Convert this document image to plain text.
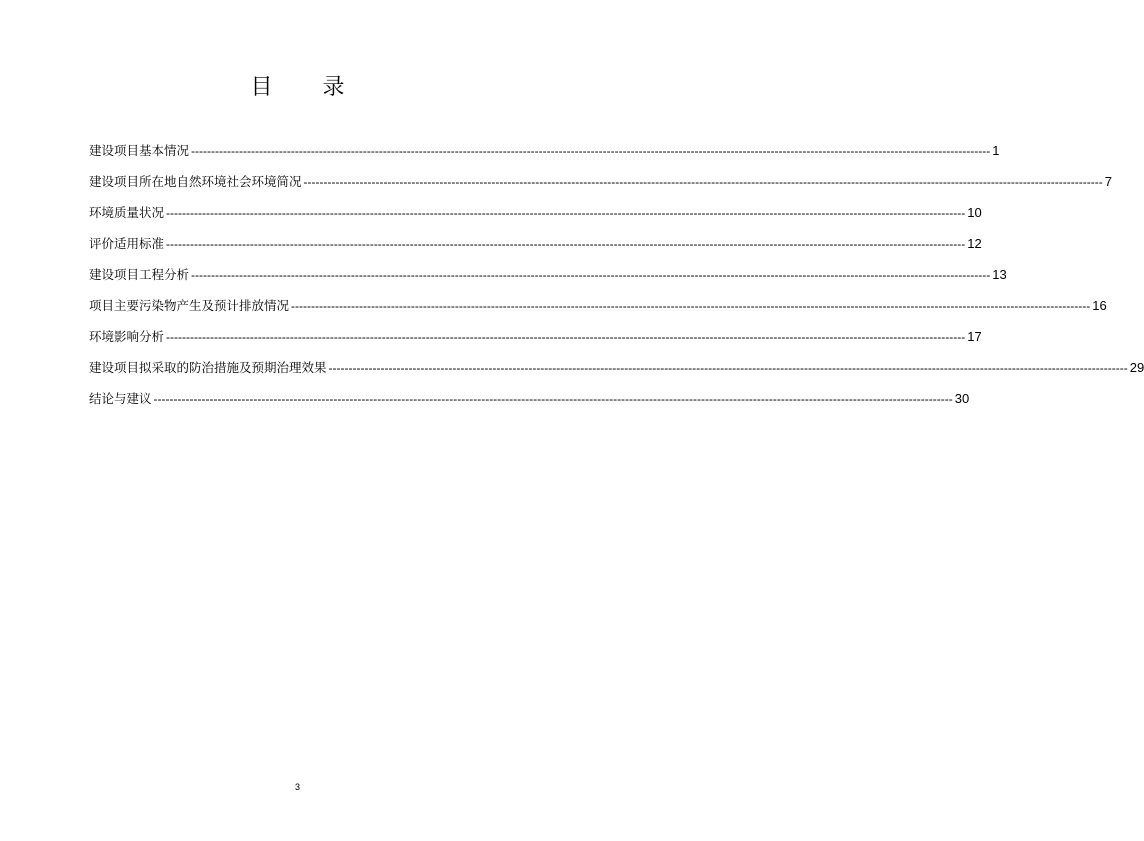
目　录
建设项目基本情况 -------------------------------------------------------------------------------------------------------------------------------------------------------------------------------------------------------- 1
建设项目所在地自然环境社会环境简况 -------------------------------------------------------------------------------------------------------------------------------------------------------------------------------------------------------- 7
环境质量状况 -------------------------------------------------------------------------------------------------------------------------------------------------------------------------------------------------------- 10
评价适用标准 -------------------------------------------------------------------------------------------------------------------------------------------------------------------------------------------------------- 12
建设项目工程分析 -------------------------------------------------------------------------------------------------------------------------------------------------------------------------------------------------------- 13
项目主要污染物产生及预计排放情况 -------------------------------------------------------------------------------------------------------------------------------------------------------------------------------------------------------- 16
环境影响分析 -------------------------------------------------------------------------------------------------------------------------------------------------------------------------------------------------------- 17
建设项目拟采取的防治措施及预期治理效果 -------------------------------------------------------------------------------------------------------------------------------------------------------------------------------------------------------- 29
结论与建议 -------------------------------------------------------------------------------------------------------------------------------------------------------------------------------------------------------- 30
3
